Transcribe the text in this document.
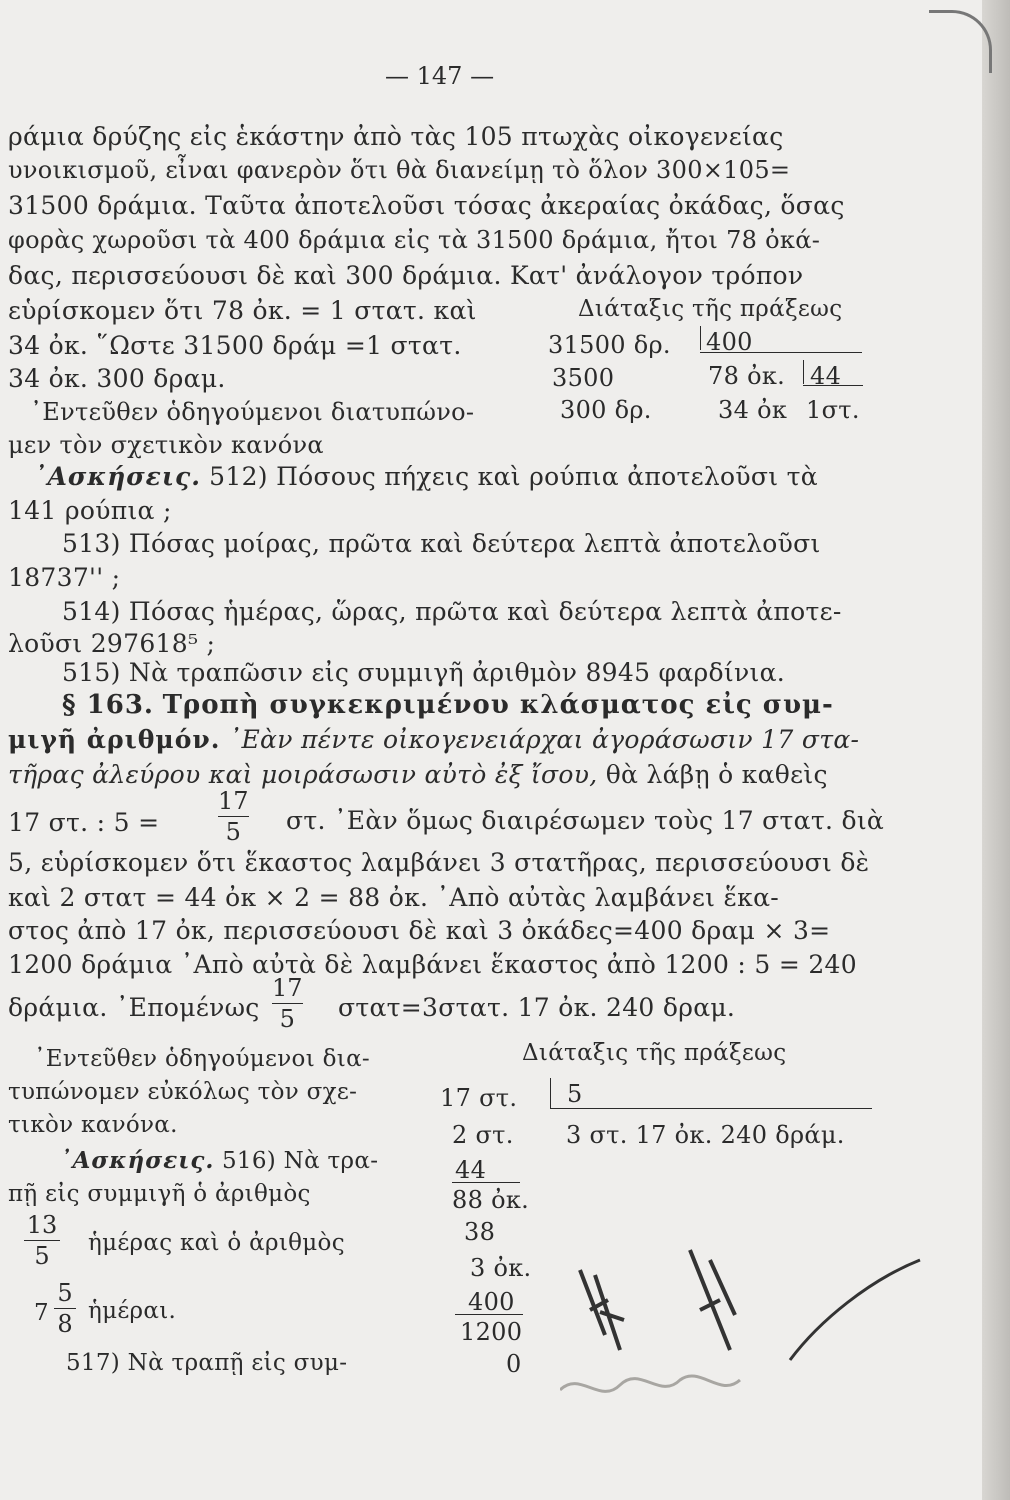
— 147 —
ράμια δρύζης εἰς ἑκάστην ἀπὸ τὰς 105 πτωχὰς οἰκογενείας
υνοικισμοῦ, εἶναι φανερὸν ὅτι θὰ διανείμῃ τὸ ὅλον 300×105=
31500 δράμια. Ταῦτα ἀποτελοῦσι τόσας ἀκεραίας ὀκάδας, ὅσας
φορὰς χωροῦσι τὰ 400 δράμια εἰς τὰ 31500 δράμια, ἤτοι 78 ὀκά-
δας, περισσεύουσι δὲ καὶ 300 δράμια. Κατ' ἀνάλογον τρόπον
εὑρίσκομεν ὅτι 78 ὀκ. = 1 στατ. καὶ
34 ὀκ. ῞Ωστε 31500 δράμ =1 στατ.
34 ὀκ. 300 δραμ.
᾿Εντεῦθεν ὁδηγούμενοι διατυπώνο-
μεν τὸν σχετικὸν κανόνα
Διάταξις τῆς πράξεως
31500 δρ. 400
3500	78 ὀκ. 44
300 δρ.	34 ὀκ 1στ.
᾿Ασκήσεις. 512) Πόσους πήχεις καὶ ρούπια ἀποτελοῦσι τὰ
141 ρούπια ;
513) Πόσας μοίρας, πρῶτα καὶ δεύτερα λεπτὰ ἀποτελοῦσι
18737'' ;
514) Πόσας ἡμέρας, ὥρας, πρῶτα καὶ δεύτερα λεπτὰ ἀποτε-
λοῦσι 297618⁵ ;
515) Νὰ τραπῶσιν εἰς συμμιγῆ ἀριθμὸν 8945 φαρδίνια.
§ 163. Τροπὴ συγκεκριμένου κλάσματος εἰς συμ-
μιγῆ ἀριθμόν. ᾿Εὰν πέντε οἰκογενειάρχαι ἀγοράσωσιν 17 στα-
τῆρας ἀλεύρου καὶ μοιράσωσιν αὐτὸ ἐξ ἴσου, θὰ λάβῃ ὁ καθεὶς
17 στ. : 5 =
17
5	στ. ᾿Εὰν ὅμως διαιρέσωμεν τοὺς 17 στατ. διὰ
5, εὑρίσκομεν ὅτι ἕκαστος λαμβάνει 3 στατῆρας, περισσεύουσι δὲ
καὶ 2 στατ = 44 ὀκ × 2 = 88 ὀκ. ᾿Απὸ αὐτὰς λαμβάνει ἕκα-
στος ἀπὸ 17 ὀκ, περισσεύουσι δὲ καὶ 3 ὀκάδες=400 δραμ × 3=
1200 δράμια ᾿Απὸ αὐτὰ δὲ λαμβάνει ἕκαστος ἀπὸ 1200 : 5 = 240
δράμια. ᾿Επομένως
17
5	στατ=3στατ. 17 ὀκ. 240 δραμ.
Διάταξις τῆς πράξεως
17 στ. 5
2 στ. 3 στ. 17 ὀκ. 240 δράμ.
44
88 ὀκ.
38
3 ὀκ.
400
1200
0
᾿Εντεῦθεν ὁδηγούμενοι δια-
τυπώνομεν εὐκόλως τὸν σχε-
τικὸν κανόνα.
᾿Ασκήσεις. 516) Νὰ τρα-
πῇ εἰς συμμιγῆ ὁ ἀριθμὸς
13
5	ἡμέρας καὶ ὁ ἀριθμὸς
7
5
8 ἡμέραι.
517) Νὰ τραπῇ εἰς συμ-
